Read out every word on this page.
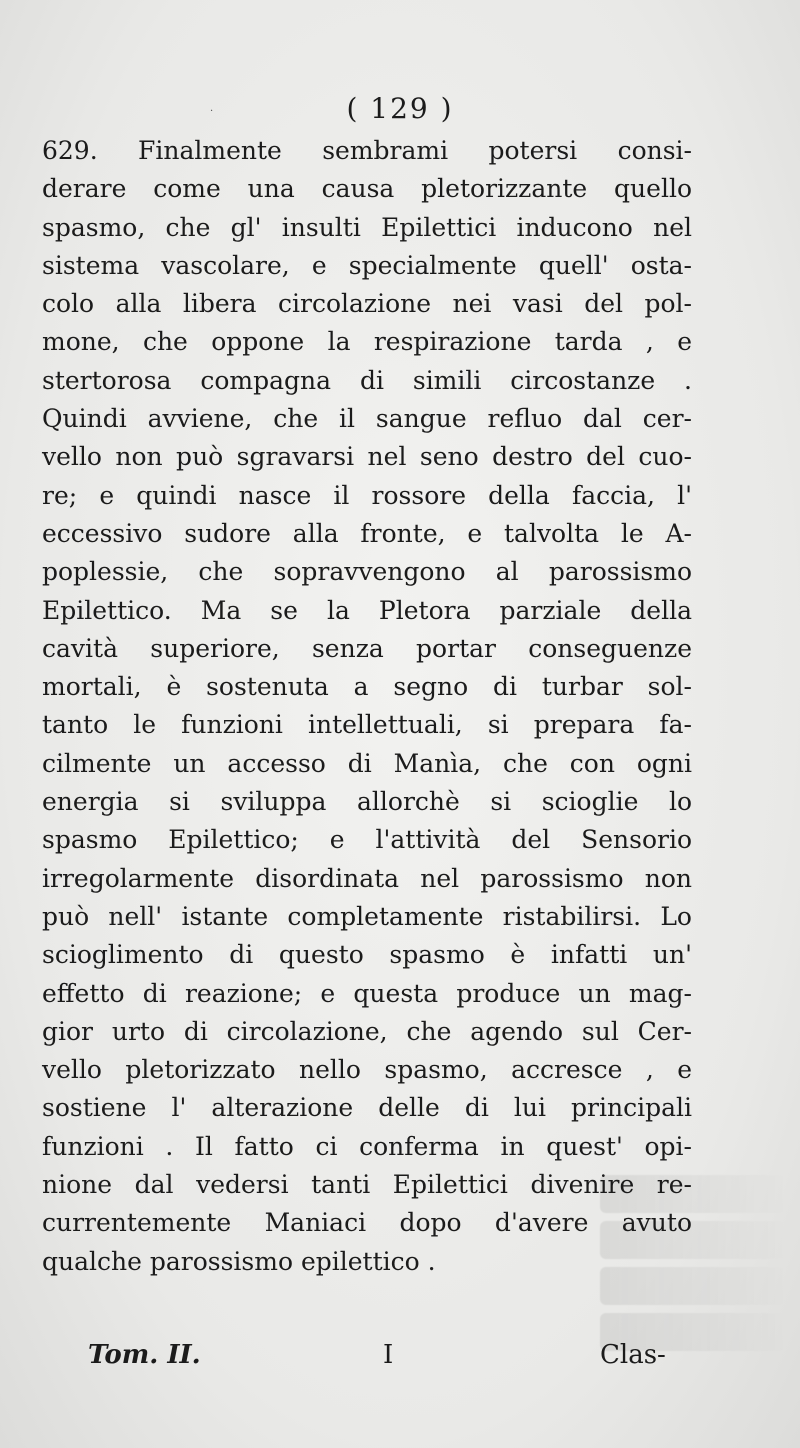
·	( 129 )
629. Finalmente sembrami potersi consi-
derare come una causa pletorizzante quello
spasmo, che gl' insulti Epilettici inducono nel
sistema vascolare, e specialmente quell' osta-
colo alla libera circolazione nei vasi del pol-
mone, che oppone la respirazione tarda , e
stertorosa compagna di simili circostanze .
Quindi avviene, che il sangue refluo dal cer-
vello non può sgravarsi nel seno destro del cuo-
re; e quindi nasce il rossore della faccia, l'
eccessivo sudore alla fronte, e talvolta le A-
poplessie, che sopravvengono al parossismo
Epilettico. Ma se la Pletora parziale della
cavità superiore, senza portar conseguenze
mortali, è sostenuta a segno di turbar sol-
tanto le funzioni intellettuali, si prepara fa-
cilmente un accesso di Manìa, che con ogni
energia si sviluppa allorchè si scioglie lo
spasmo Epilettico; e l'attività del Sensorio
irregolarmente disordinata nel parossismo non
può nell' istante completamente ristabilirsi. Lo
scioglimento di questo spasmo è infatti un'
effetto di reazione; e questa produce un mag-
gior urto di circolazione, che agendo sul Cer-
vello pletorizzato nello spasmo, accresce , e
sostiene l' alterazione delle di lui principali
funzioni . Il fatto ci conferma in quest' opi-
nione dal vedersi tanti Epilettici divenire re-
currentemente Maniaci dopo d'avere avuto
qualche parossismo epilettico .
Tom. II.	I	Clas-
